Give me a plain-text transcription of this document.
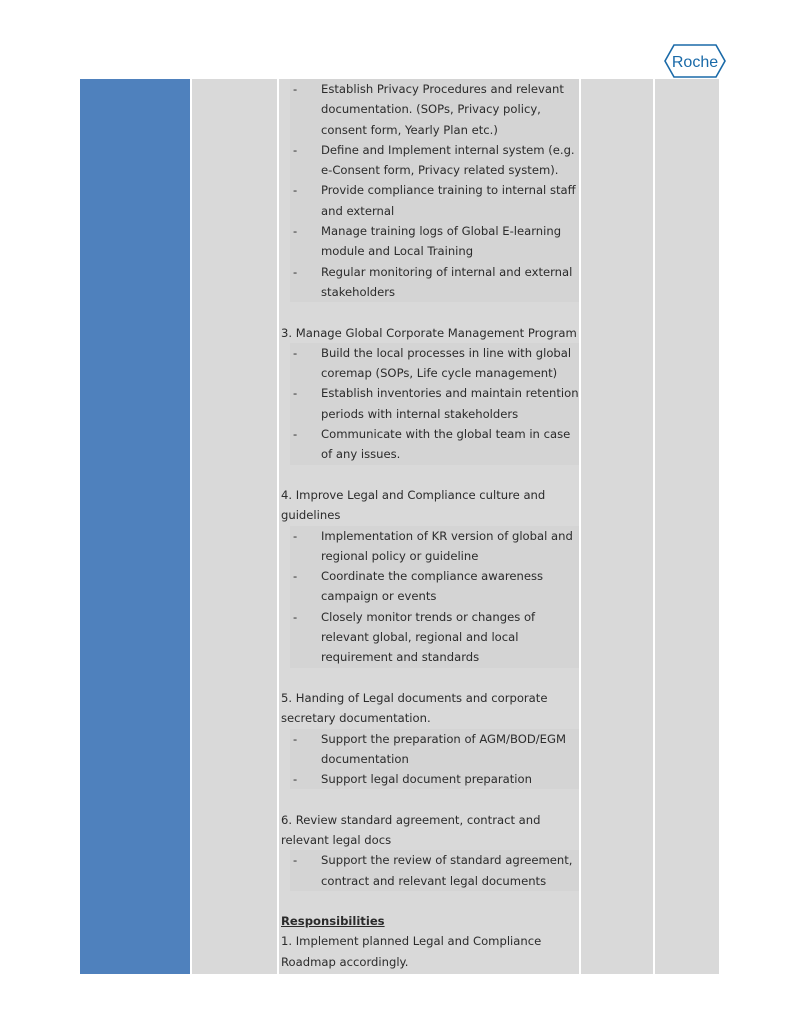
Roche
- Establish Privacy Procedures and relevant documentation. (SOPs, Privacy policy, consent form, Yearly Plan etc.)
- Define and Implement internal system (e.g. e-Consent form, Privacy related system).
- Provide compliance training to internal staff and external
- Manage training logs of Global E-learning module and Local Training
- Regular monitoring of internal and external stakeholders

3. Manage Global Corporate Management Program

- Build the local processes in line with global coremap (SOPs, Life cycle management)
- Establish inventories and maintain retention periods with internal stakeholders
- Communicate with the global team in case of any issues.

4. Improve Legal and Compliance culture and guidelines

- Implementation of KR version of global and regional policy or guideline
- Coordinate the compliance awareness campaign or events
- Closely monitor trends or changes of relevant global, regional and local requirement and standards

5. Handing of Legal documents and corporate secretary documentation.

- Support the preparation of AGM/BOD/EGM documentation
- Support legal document preparation

6. Review standard agreement, contract and relevant legal docs

- Support the review of standard agreement, contract and relevant legal documents

Responsibilities

1. Implement planned Legal and Compliance Roadmap accordingly.
